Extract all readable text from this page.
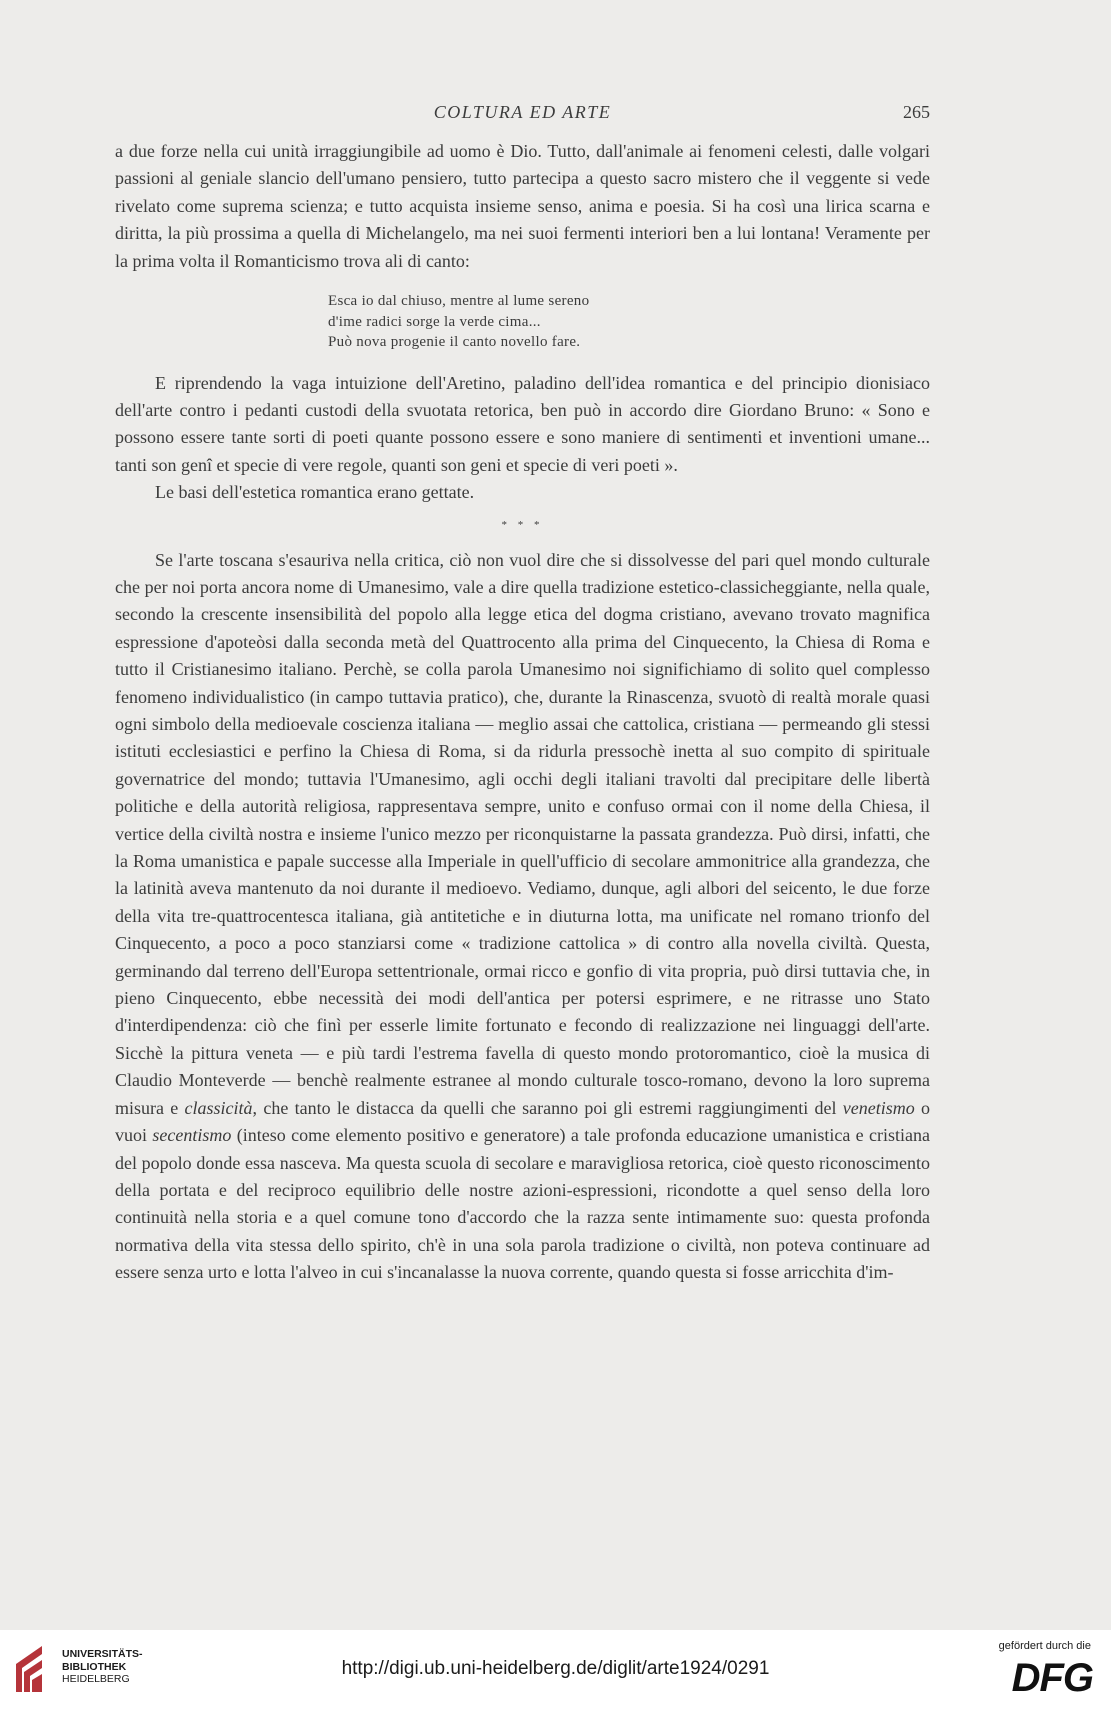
COLTURA ED ARTE	265

a due forze nella cui unità irraggiungibile ad uomo è Dio. Tutto, dall'animale ai fenomeni celesti, dalle volgari passioni al geniale slancio dell'umano pensiero, tutto partecipa a questo sacro mistero che il veggente si vede rivelato come suprema scienza; e tutto acquista insieme senso, anima e poesia. Si ha così una lirica scarna e diritta, la più prossima a quella di Michelangelo, ma nei suoi fermenti interiori ben a lui lontana! Veramente per la prima volta il Romanticismo trova ali di canto:

Esca io dal chiuso, mentre al lume sereno
d'ime radici sorge la verde cima...
Può nova progenie il canto novello fare.

E riprendendo la vaga intuizione dell'Aretino, paladino dell'idea romantica e del principio dionisiaco dell'arte contro i pedanti custodi della svuotata retorica, ben può in accordo dire Giordano Bruno: « Sono e possono essere tante sorti di poeti quante possono essere e sono maniere di sentimenti et inventioni umane... tanti son genî et specie di vere regole, quanti son geni et specie di veri poeti ».

Le basi dell'estetica romantica erano gettate.

* * *

Se l'arte toscana s'esauriva nella critica, ciò non vuol dire che si dissolvesse del pari quel mondo culturale che per noi porta ancora nome di Umanesimo, vale a dire quella tradizione estetico-classicheggiante, nella quale, secondo la crescente insensibilità del popolo alla legge etica del dogma cristiano, avevano trovato magnifica espressione d'apoteòsi dalla seconda metà del Quattrocento alla prima del Cinquecento, la Chiesa di Roma e tutto il Cristianesimo italiano. Perchè, se colla parola Umanesimo noi significhiamo di solito quel complesso fenomeno individualistico (in campo tuttavia pratico), che, durante la Rinascenza, svuotò di realtà morale quasi ogni simbolo della medioevale coscienza italiana — meglio assai che cattolica, cristiana — permeando gli stessi istituti ecclesiastici e perfino la Chiesa di Roma, si da ridurla pressochè inetta al suo compito di spirituale governatrice del mondo; tuttavia l'Umanesimo, agli occhi degli italiani travolti dal precipitare delle libertà politiche e della autorità religiosa, rappresentava sempre, unito e confuso ormai con il nome della Chiesa, il vertice della civiltà nostra e insieme l'unico mezzo per riconquistarne la passata grandezza. Può dirsi, infatti, che la Roma umanistica e papale successe alla Imperiale in quell'ufficio di secolare ammonitrice alla grandezza, che la latinità aveva mantenuto da noi durante il medioevo. Vediamo, dunque, agli albori del seicento, le due forze della vita tre-quattrocentesca italiana, già antitetiche e in diuturna lotta, ma unificate nel romano trionfo del Cinquecento, a poco a poco stanziarsi come « tradizione cattolica » di contro alla novella civiltà. Questa, germinando dal terreno dell'Europa settentrionale, ormai ricco e gonfio di vita propria, può dirsi tuttavia che, in pieno Cinquecento, ebbe necessità dei modi dell'antica per potersi esprimere, e ne ritrasse uno Stato d'interdipendenza: ciò che finì per esserle limite fortunato e fecondo di realizzazione nei linguaggi dell'arte. Sicchè la pittura veneta — e più tardi l'estrema favella di questo mondo protoromantico, cioè la musica di Claudio Monteverde — benchè realmente estranee al mondo culturale tosco-romano, devono la loro suprema misura e classicità, che tanto le distacca da quelli che saranno poi gli estremi raggiungimenti del venetismo o vuoi secentismo (inteso come elemento positivo e generatore) a tale profonda educazione umanistica e cristiana del popolo donde essa nasceva. Ma questa scuola di secolare e maravigliosa retorica, cioè questo riconoscimento della portata e del reciproco equilibrio delle nostre azioni-espressioni, ricondotte a quel senso della loro continuità nella storia e a quel comune tono d'accordo che la razza sente intimamente suo: questa profonda normativa della vita stessa dello spirito, ch'è in una sola parola tradizione o civiltà, non poteva continuare ad essere senza urto e lotta l'alveo in cui s'incanalasse la nuova corrente, quando questa si fosse arricchita d'im-

UNIVERSITÄTS-
BIBLIOTHEK
HEIDELBERG	http://digi.ub.uni-heidelberg.de/diglit/arte1924/0291
gefördert durch die
DFG
